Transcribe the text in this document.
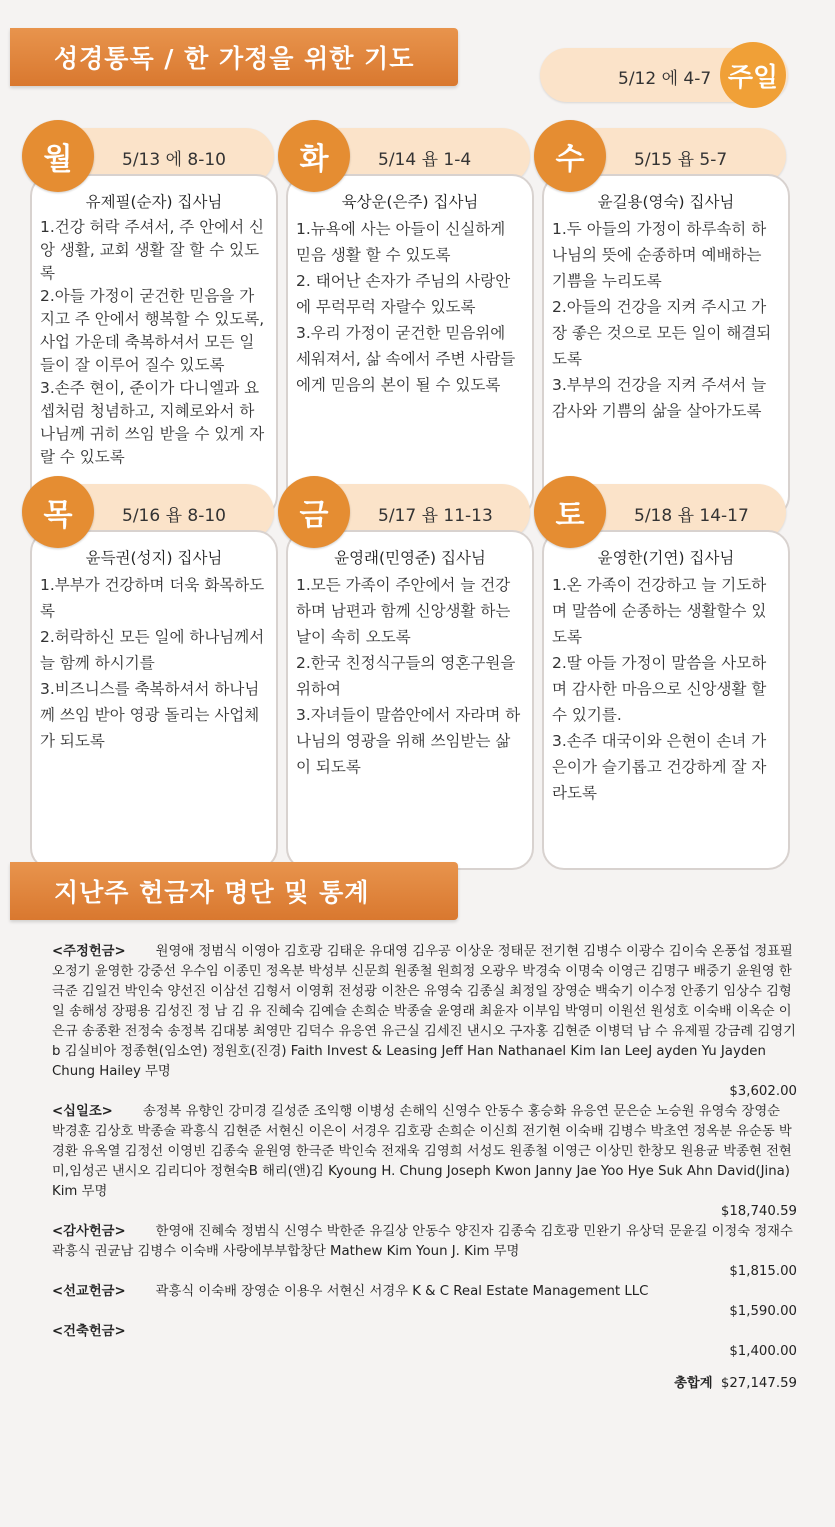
성경통독 / 한 가정을 위한 기도
5/12 에 4-7 주일
5/13 에 8-10
월
유제필(순자) 집사님

1.건강 허락 주셔서, 주 안에서 신앙 생활, 교회 생활 잘 할 수 있도록

2.아들 가정이 굳건한 믿음을 가지고 주 안에서 행복할 수 있도록, 사업 가운데 축복하셔서 모든 일들이 잘 이루어 질수 있도록

3.손주 현이, 준이가 다니엘과 요셉처럼 청념하고, 지혜로와서 하나님께 귀히 쓰임 받을 수 있게 자랄 수 있도록

5/14 욥 1-4
화
육상운(은주) 집사님

1.뉴욕에 사는 아들이 신실하게 믿음 생활 할 수 있도록

2. 태어난 손자가 주님의 사랑안에 무럭무럭 자랄수 있도록

3.우리 가정이 굳건한 믿음위에 세워져서, 삶 속에서 주변 사람들에게 믿음의 본이 될 수 있도록

5/15 욥 5-7
수
윤길용(영숙) 집사님

1.두 아들의 가정이 하루속히 하나님의 뜻에 순종하며 예배하는 기쁨을 누리도록

2.아들의 건강을 지켜 주시고 가장 좋은 것으로 모든 일이 해결되도록

3.부부의 건강을 지켜 주셔서 늘 감사와 기쁨의 삶을 살아가도록

5/16 욥 8-10
목
윤득권(성지) 집사님

1.부부가 건강하며 더욱 화목하도록

2.허락하신 모든 일에 하나님께서 늘 함께 하시기를

3.비즈니스를 축복하셔서 하나님께 쓰임 받아 영광 돌리는 사업체가 되도록

5/17 욥 11-13
금
윤영래(민영준) 집사님

1.모든 가족이 주안에서 늘 건강하며 남편과 함께 신앙생활 하는 날이 속히 오도록

2.한국 친정식구들의 영혼구원을 위하여

3.자녀들이 말씀안에서 자라며 하나님의 영광을 위해 쓰임받는 삶이 되도록

5/18 욥 14-17
토
윤영한(기연) 집사님

1.온 가족이 건강하고 늘 기도하며 말씀에 순종하는 생활할수 있도록

2.딸 아들 가정이 말씀을 사모하며 감사한 마음으로 신앙생활 할 수 있기를.

3.손주 대국이와 은현이 손녀 가은이가 슬기롭고 건강하게 잘 자라도록

지난주 헌금자 명단 및 통계
<주정헌금> 원영애 정범식 이영아 김호광 김태운 유대영 김우공 이상운 정태문 전기현 김병수 이광수 김이숙 온풍섭 정표필 오정기 윤영한 강중선 우수임 이종민 정옥분 박성부 신문희 원종철 원희정 오광우 박경숙 이명숙 이영근 김명구 배중기 윤원영 한극준 김일건 박인숙 양선진 이삼선 김형서 이영휘 전성광 이찬은 유영숙 김종실 최정일 장영순 백숙기 이수정 안종기 임상수 김형일 송해성 장평용 김성진 정 남 김 유 진혜숙 김예슬 손희순 박종술 윤영래 최윤자 이부임 박영미 이원선 원성호 이숙배 이옥순 이은규 송종환 전정숙 송정복 김대봉 최영만 김덕수 유응연 유근실 김세진 낸시오 구자홍 김현준 이병덕 남 수 유제필 강금례 김영기b 김실비아 정종현(임소연) 정원호(진경) Faith Invest & Leasing Jeff Han Nathanael Kim Ian LeeJ ayden Yu Jayden Chung Hailey 무명
$3,602.00
<십일조> 송정복 유향인 강미경 길성준 조익행 이병성 손해익 신영수 안동수 홍승화 유응연 문은순 노승원 유영숙 장영순 박경훈 김상호 박종술 곽흥식 김현준 서현신 이은이 서경우 김호광 손희순 이신희 전기현 이숙배 김병수 박초연 정옥분 유순동 박경환 유옥열 김정선 이영빈 김종숙 윤원영 한극준 박인숙 전재욱 김영희 서성도 원종철 이영근 이상민 한창모 원용균 박종현 전현미,임성곤 낸시오 김리디아 정현숙B 해리(앤)김 Kyoung H. Chung Joseph Kwon Janny Jae Yoo Hye Suk Ahn David(Jina) Kim 무명
$18,740.59
<감사헌금> 한영애 진혜숙 정범식 신영수 박한준 유길상 안동수 양진자 김종숙 김호광 민완기 유상덕 문윤길 이정숙 정재수 곽흥식 권균남 김병수 이숙배 사랑에부부합창단 Mathew Kim Youn J. Kim 무명
$1,815.00
<선교헌금> 곽흥식 이숙배 장영순 이용우 서현신 서경우 K & C Real Estate Management LLC
$1,590.00
<건축헌금>
$1,400.00
총합계 $27,147.59
